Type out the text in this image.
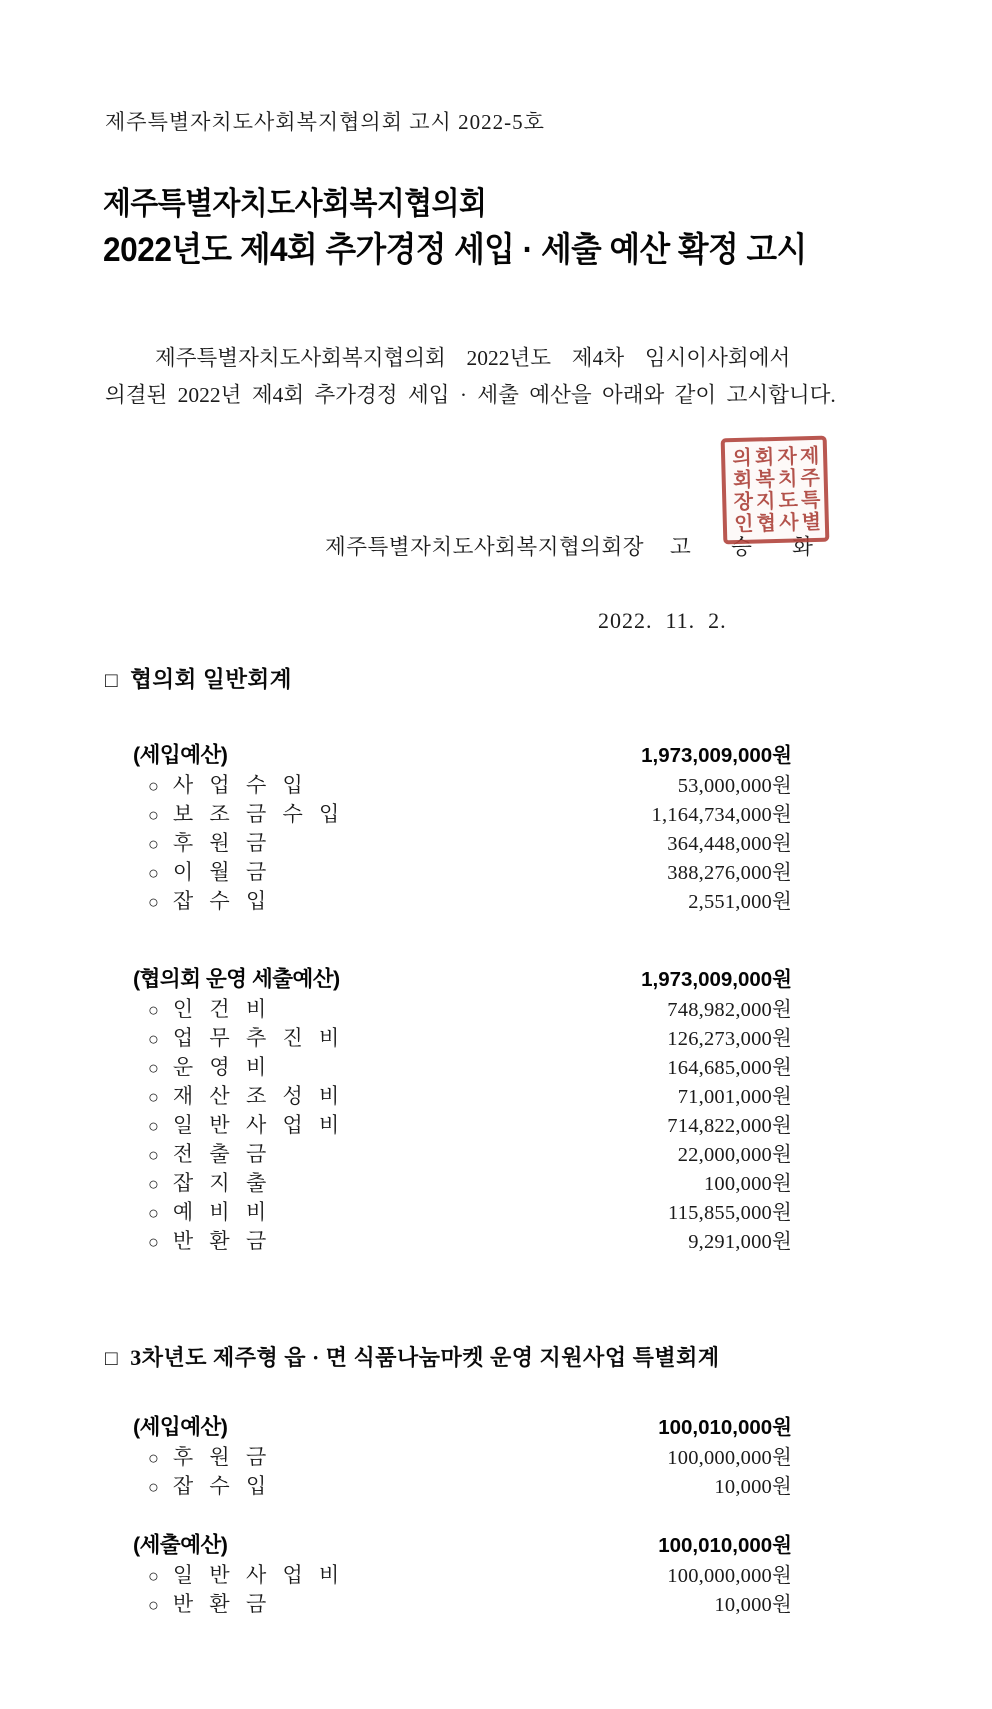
제주특별자치도사회복지협의회 고시 2022-5호
제주특별자치도사회복지협의회
2022년도 제4회 추가경정 세입 · 세출 예산 확정 고시
제주특별자치도사회복지협의회  2022년도  제4차  임시이사회에서
의결된 2022년 제4회 추가경정 세입 · 세출 예산을 아래와 같이 고시합니다.
제주특별자치도사회복지협의회장 고  승  화
제주특별자치도사회복지협의회장인
2022.  11.  2.
□ 협의회 일반회계
(세입예산)	1,973,009,000원
○ 사 업 수 입	53,000,000원
○ 보 조 금 수 입	1,164,734,000원
○ 후 원 금	364,448,000원
○ 이 월 금	388,276,000원
○ 잡 수 입	2,551,000원
(협의회 운영 세출예산)	1,973,009,000원
○ 인 건 비	748,982,000원
○ 업 무 추 진 비	126,273,000원
○ 운 영 비	164,685,000원
○ 재 산 조 성 비	71,001,000원
○ 일 반 사 업 비	714,822,000원
○ 전 출 금	22,000,000원
○ 잡 지 출	100,000원
○ 예 비 비	115,855,000원
○ 반 환 금	9,291,000원
□ 3차년도 제주형 읍 · 면 식품나눔마켓 운영 지원사업 특별회계
(세입예산)	100,010,000원
○ 후 원 금	100,000,000원
○ 잡 수 입	10,000원
(세출예산)	100,010,000원
○ 일 반 사 업 비	100,000,000원
○ 반 환 금	10,000원
